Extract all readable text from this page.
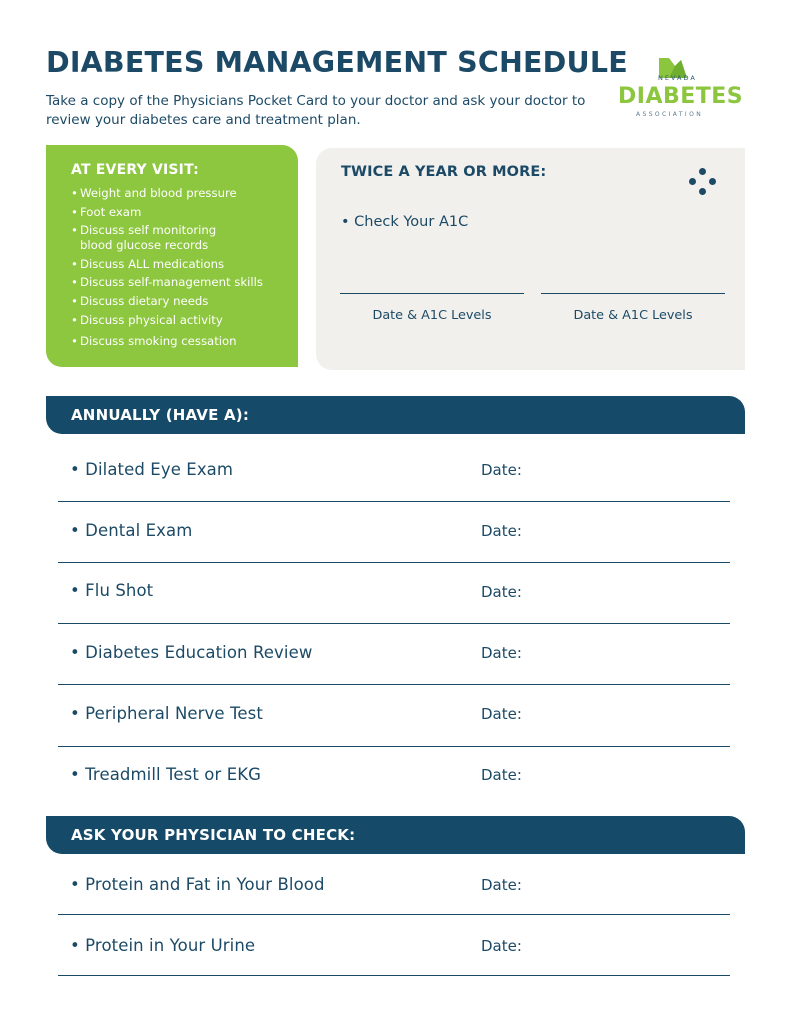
DIABETES MANAGEMENT SCHEDULE
Take a copy of the Physicians Pocket Card to your doctor and ask your doctor to review your diabetes care and treatment plan.
NEVADA
DIABETES
ASSOCIATION
AT EVERY VISIT:
• Weight and blood pressure
• Foot exam
• Discuss self monitoring blood glucose records
• Discuss ALL medications
• Discuss self-management skills
• Discuss dietary needs
• Discuss physical activity
• Discuss smoking cessation
TWICE A YEAR OR MORE:
• Check Your A1C
Date & A1C Levels	Date & A1C Levels
ANNUALLY (HAVE A):
• Dilated Eye Exam	Date:
• Dental Exam	Date:
• Flu Shot	Date:
• Diabetes Education Review	Date:
• Peripheral Nerve Test	Date:
• Treadmill Test or EKG	Date:
ASK YOUR PHYSICIAN TO CHECK:
• Protein and Fat in Your Blood	Date:
• Protein in Your Urine	Date:
